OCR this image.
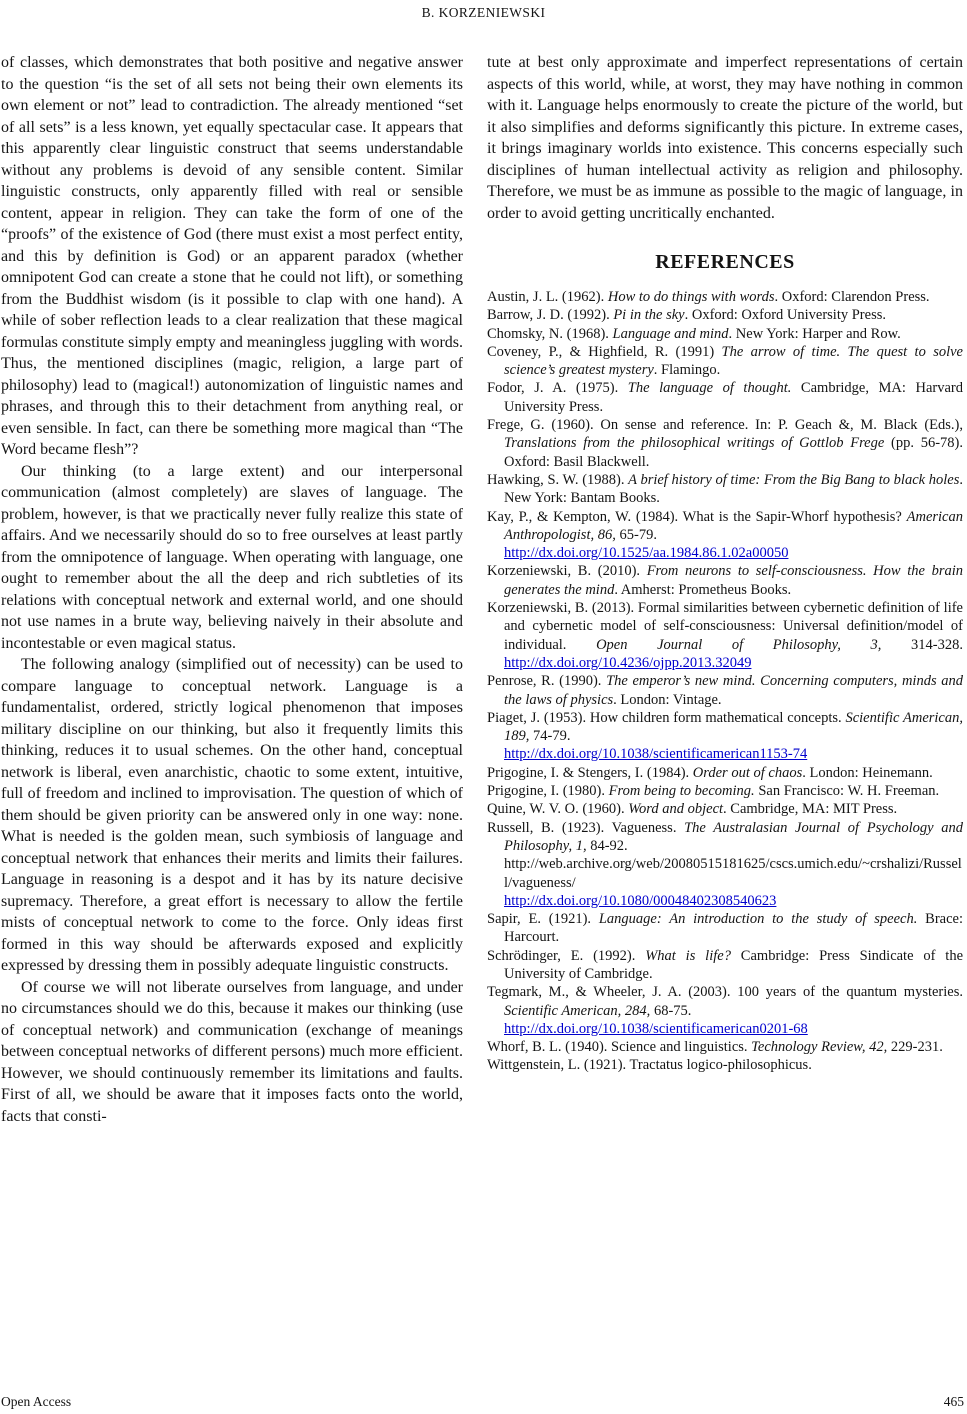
B. KORZENIEWSKI

of classes, which demonstrates that both positive and negative answer to the question “is the set of all sets not being their own elements its own element or not” lead to contradiction. The already mentioned “set of all sets” is a less known, yet equally spectacular case. It appears that this apparently clear linguistic construct that seems understandable without any problems is devoid of any sensible content. Similar linguistic constructs, only apparently filled with real or sensible content, appear in religion. They can take the form of one of the “proofs” of the existence of God (there must exist a most perfect entity, and this by definition is God) or an apparent paradox (whether omnipotent God can create a stone that he could not lift), or something from the Buddhist wisdom (is it possible to clap with one hand). A while of sober reflection leads to a clear realization that these magical formulas constitute simply empty and meaningless juggling with words. Thus, the mentioned disciplines (magic, religion, a large part of philosophy) lead to (magical!) autonomization of linguistic names and phrases, and through this to their detachment from anything real, or even sensible. In fact, can there be something more magical than “The Word became flesh”?

Our thinking (to a large extent) and our interpersonal communication (almost completely) are slaves of language. The problem, however, is that we practically never fully realize this state of affairs. And we necessarily should do so to free ourselves at least partly from the omnipotence of language. When operating with language, one ought to remember about the all the deep and rich subtleties of its relations with conceptual network and external world, and one should not use names in a brute way, believing naively in their absolute and incontestable or even magical status.

The following analogy (simplified out of necessity) can be used to compare language to conceptual network. Language is a fundamentalist, ordered, strictly logical phenomenon that imposes military discipline on our thinking, but also it frequently limits this thinking, reduces it to usual schemes. On the other hand, conceptual network is liberal, even anarchistic, chaotic to some extent, intuitive, full of freedom and inclined to improvisation. The question of which of them should be given priority can be answered only in one way: none. What is needed is the golden mean, such symbiosis of language and conceptual network that enhances their merits and limits their failures. Language in reasoning is a despot and it has by its nature decisive supremacy. Therefore, a great effort is necessary to allow the fertile mists of conceptual network to come to the force. Only ideas first formed in this way should be afterwards exposed and explicitly expressed by dressing them in possibly adequate linguistic constructs.

Of course we will not liberate ourselves from language, and under no circumstances should we do this, because it makes our thinking (use of conceptual network) and communication (exchange of meanings between conceptual networks of different persons) much more efficient. However, we should continuously remember its limitations and faults. First of all, we should be aware that it imposes facts onto the world, facts that consti-

tute at best only approximate and imperfect representations of certain aspects of this world, while, at worst, they may have nothing in common with it. Language helps enormously to create the picture of the world, but it also simplifies and deforms significantly this picture. In extreme cases, it brings imaginary worlds into existence. This concerns especially such disciplines of human intellectual activity as religion and philosophy. Therefore, we must be as immune as possible to the magic of language, in order to avoid getting uncritically enchanted.

REFERENCES

Austin, J. L. (1962). How to do things with words. Oxford: Clarendon Press.

Barrow, J. D. (1992). Pi in the sky. Oxford: Oxford University Press.

Chomsky, N. (1968). Language and mind. New York: Harper and Row.

Coveney, P., & Highfield, R. (1991) The arrow of time. The quest to solve science’s greatest mystery. Flamingo.

Fodor, J. A. (1975). The language of thought. Cambridge, MA: Harvard University Press.

Frege, G. (1960). On sense and reference. In: P. Geach &, M. Black (Eds.), Translations from the philosophical writings of Gottlob Frege (pp. 56-78). Oxford: Basil Blackwell.

Hawking, S. W. (1988). A brief history of time: From the Big Bang to black holes. New York: Bantam Books.

Kay, P., & Kempton, W. (1984). What is the Sapir-Whorf hypothesis? American Anthropologist, 86, 65-79.
http://dx.doi.org/10.1525/aa.1984.86.1.02a00050

Korzeniewski, B. (2010). From neurons to self-consciousness. How the brain generates the mind. Amherst: Prometheus Books.

Korzeniewski, B. (2013). Formal similarities between cybernetic definition of life and cybernetic model of self-consciousness: Universal definition/model of individual. Open Journal of Philosophy, 3, 314-328. http://dx.doi.org/10.4236/ojpp.2013.32049

Penrose, R. (1990). The emperor’s new mind. Concerning computers, minds and the laws of physics. London: Vintage.

Piaget, J. (1953). How children form mathematical concepts. Scientific American, 189, 74-79.
http://dx.doi.org/10.1038/scientificamerican1153-74

Prigogine, I. & Stengers, I. (1984). Order out of chaos. London: Heinemann.

Prigogine, I. (1980). From being to becoming. San Francisco: W. H. Freeman.

Quine, W. V. O. (1960). Word and object. Cambridge, MA: MIT Press.

Russell, B. (1923). Vagueness. The Australasian Journal of Psychology and Philosophy, 1, 84-92.
http://web.archive.org/web/20080515181625/cscs.umich.edu/~crshalizi/Russell/vagueness/
http://dx.doi.org/10.1080/00048402308540623

Sapir, E. (1921). Language: An introduction to the study of speech. Brace: Harcourt.

Schrödinger, E. (1992). What is life? Cambridge: Press Sindicate of the University of Cambridge.

Tegmark, M., & Wheeler, J. A. (2003). 100 years of the quantum mysteries. Scientific American, 284, 68-75.
http://dx.doi.org/10.1038/scientificamerican0201-68

Whorf, B. L. (1940). Science and linguistics. Technology Review, 42, 229-231.

Wittgenstein, L. (1921). Tractatus logico-philosophicus.

Open Access	465
